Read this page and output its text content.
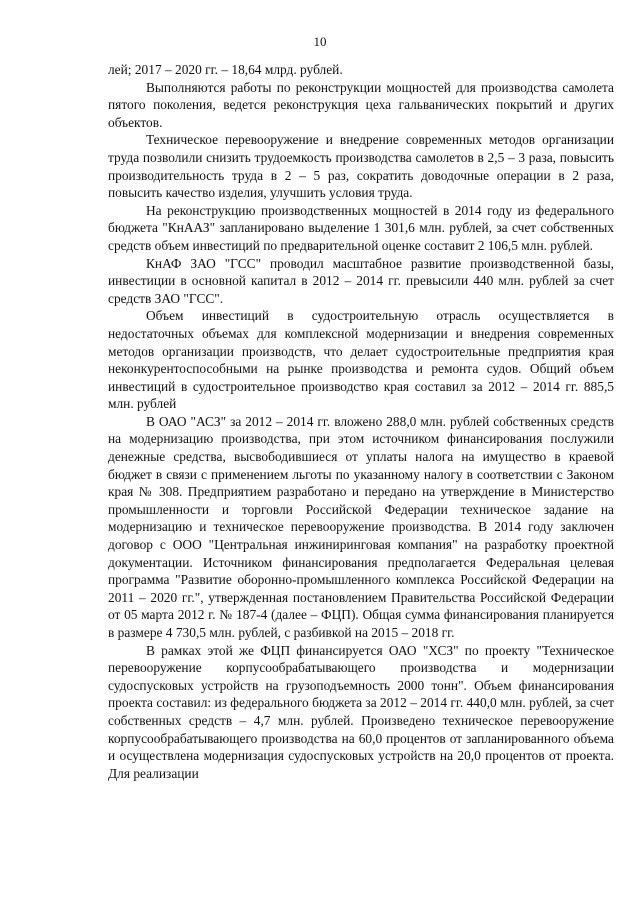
10

лей; 2017 – 2020 гг. – 18,64 млрд. рублей.

Выполняются работы по реконструкции мощностей для производства самолета пятого поколения, ведется реконструкция цеха гальванических покрытий и других объектов.

Техническое перевооружение и внедрение современных методов организации труда позволили снизить трудоемкость производства самолетов в 2,5 – 3 раза, повысить производительность труда в 2 – 5 раз, сократить доводочные операции в 2 раза, повысить качество изделия, улучшить условия труда.

На реконструкцию производственных мощностей в 2014 году из федерального бюджета "КнААЗ" запланировано выделение 1 301,6 млн. рублей, за счет собственных средств объем инвестиций по предварительной оценке составит 2 106,5 млн. рублей.

КнАФ ЗАО "ГСС" проводил масштабное развитие производственной базы, инвестиции в основной капитал в 2012 – 2014 гг. превысили 440 млн. рублей за счет средств ЗАО "ГСС".

Объем инвестиций в судостроительную отрасль осуществляется в недостаточных объемах для комплексной модернизации и внедрения современных методов организации производств, что делает судостроительные предприятия края неконкурентоспособными на рынке производства и ремонта судов. Общий объем инвестиций в судостроительное производство края составил за 2012 – 2014 гг. 885,5 млн. рублей

В ОАО "АСЗ" за 2012 – 2014 гг. вложено 288,0 млн. рублей собственных средств на модернизацию производства, при этом источником финансирования послужили денежные средства, высвободившиеся от уплаты налога на имущество в краевой бюджет в связи с применением льготы по указанному налогу в соответствии с Законом края № 308. Предприятием разработано и передано на утверждение в Министерство промышленности и торговли Российской Федерации техническое задание на модернизацию и техническое перевооружение производства. В 2014 году заключен договор с ООО "Центральная инжиниринговая компания" на разработку проектной документации. Источником финансирования предполагается Федеральная целевая программа "Развитие оборонно-промышленного комплекса Российской Федерации на 2011 – 2020 гг.", утвержденная постановлением Правительства Российской Федерации от 05 марта 2012 г. № 187-4 (далее – ФЦП). Общая сумма финансирования планируется в размере 4 730,5 млн. рублей, с разбивкой на 2015 – 2018 гг.

В рамках этой же ФЦП финансируется ОАО "ХСЗ" по проекту "Техническое перевооружение корпусообрабатывающего производства и модернизации судоспусковых устройств на грузоподъемность 2000 тонн". Объем финансирования проекта составил: из федерального бюджета за 2012 – 2014 гг. 440,0 млн. рублей, за счет собственных средств – 4,7 млн. рублей. Произведено техническое перевооружение корпусообрабатывающего производства на 60,0 процентов от запланированного объема и осуществлена модернизация судоспусковых устройств на 20,0 процентов от проекта. Для реализации
